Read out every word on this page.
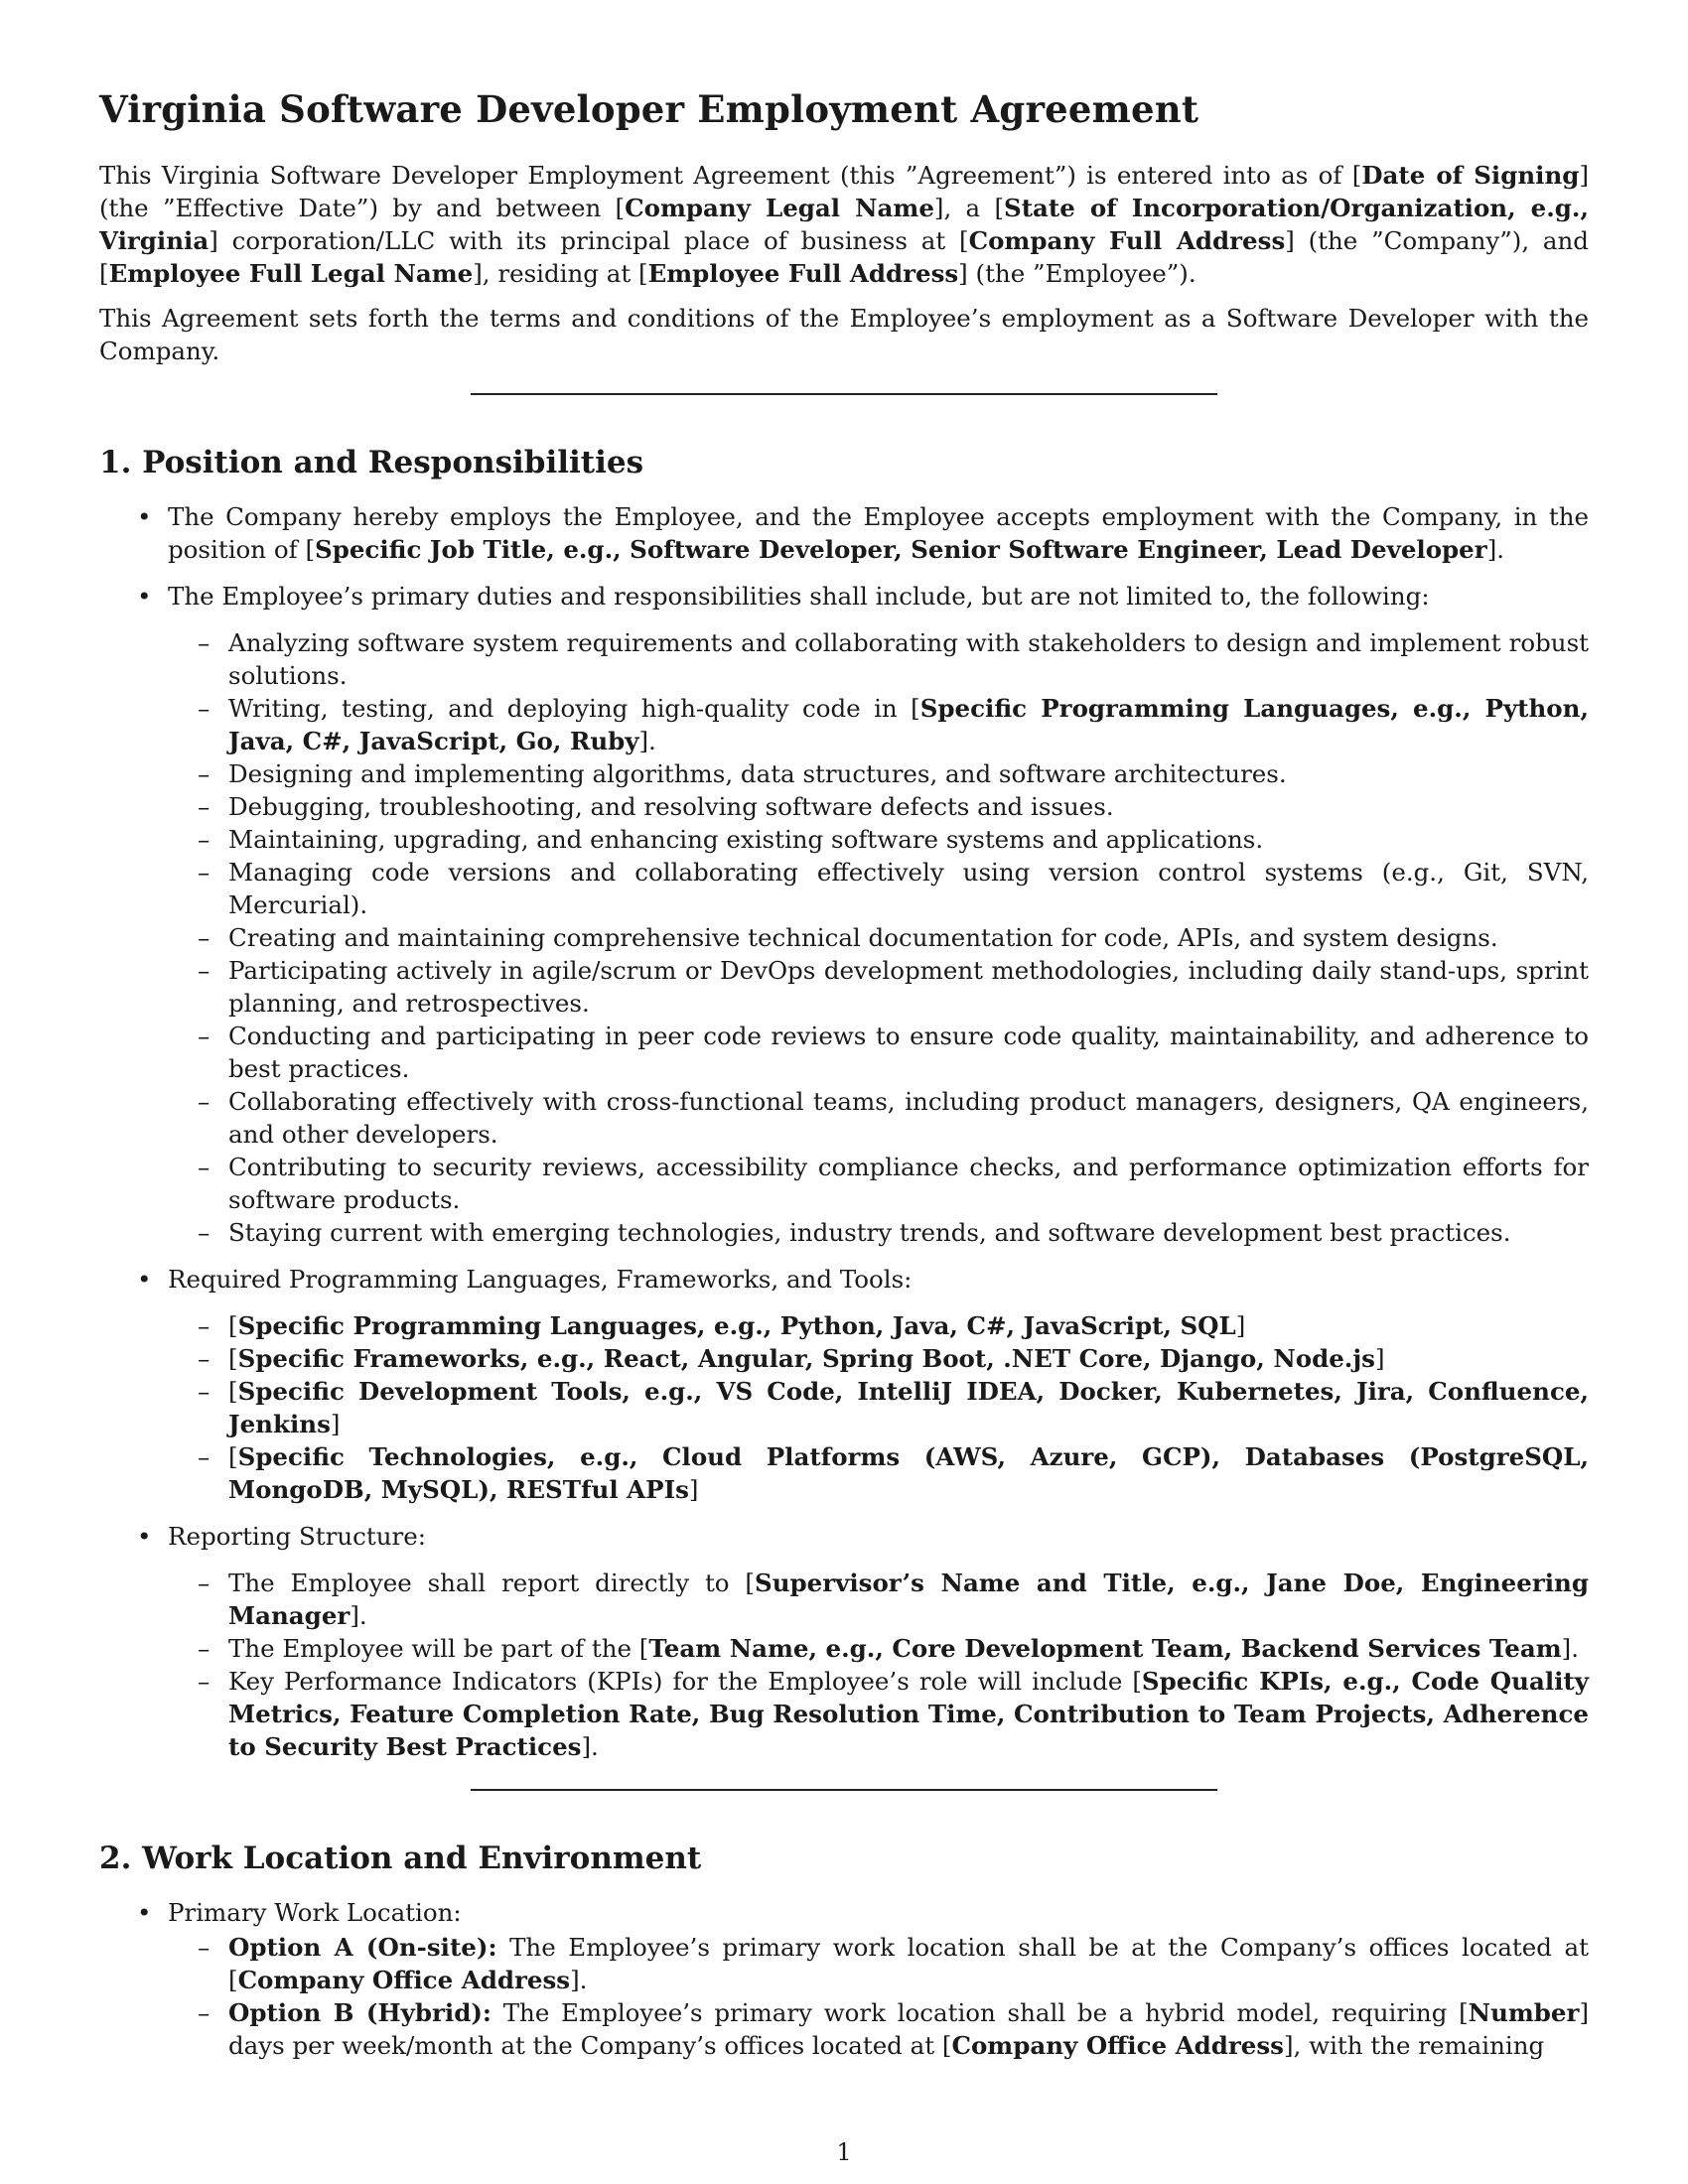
Virginia Software Developer Employment Agreement

This Virginia Software Developer Employment Agreement (this ”Agreement”) is entered into as of [Date of Signing] (the ”Effective Date”) by and between [Company Legal Name], a [State of Incorporation/Organization, e.g., Virginia] corporation/LLC with its principal place of business at [Company Full Address] (the ”Company”), and [Employee Full Legal Name], residing at [Employee Full Address] (the ”Employee”).

This Agreement sets forth the terms and conditions of the Employee’s employment as a Software Developer with the Company.

1. Position and Responsibilities
• The Company hereby employs the Employee, and the Employee accepts employment with the Company, in the position of [Specific Job Title, e.g., Software Developer, Senior Software Engineer, Lead Developer].
• The Employee’s primary duties and responsibilities shall include, but are not limited to, the following:
– Analyzing software system requirements and collaborating with stakeholders to design and implement robust solutions.
– Writing, testing, and deploying high-quality code in [Specific Programming Languages, e.g., Python, Java, C#, JavaScript, Go, Ruby].
– Designing and implementing algorithms, data structures, and software architectures.
– Debugging, troubleshooting, and resolving software defects and issues.
– Maintaining, upgrading, and enhancing existing software systems and applications.
– Managing code versions and collaborating effectively using version control systems (e.g., Git, SVN, Mercurial).
– Creating and maintaining comprehensive technical documentation for code, APIs, and system designs.
– Participating actively in agile/scrum or DevOps development methodologies, including daily stand-ups, sprint planning, and retrospectives.
– Conducting and participating in peer code reviews to ensure code quality, maintainability, and adherence to best practices.
– Collaborating effectively with cross-functional teams, including product managers, designers, QA engineers, and other developers.
– Contributing to security reviews, accessibility compliance checks, and performance optimization efforts for software products.
– Staying current with emerging technologies, industry trends, and software development best practices.
• Required Programming Languages, Frameworks, and Tools:
– [Specific Programming Languages, e.g., Python, Java, C#, JavaScript, SQL]
– [Specific Frameworks, e.g., React, Angular, Spring Boot, .NET Core, Django, Node.js]
– [Specific Development Tools, e.g., VS Code, IntelliJ IDEA, Docker, Kubernetes, Jira, Confluence, Jenkins]
– [Specific Technologies, e.g., Cloud Platforms (AWS, Azure, GCP), Databases (PostgreSQL, MongoDB, MySQL), RESTful APIs]
• Reporting Structure:
– The Employee shall report directly to [Supervisor’s Name and Title, e.g., Jane Doe, Engineering Manager].
– The Employee will be part of the [Team Name, e.g., Core Development Team, Backend Services Team].
– Key Performance Indicators (KPIs) for the Employee’s role will include [Specific KPIs, e.g., Code Quality Metrics, Feature Completion Rate, Bug Resolution Time, Contribution to Team Projects, Adherence to Security Best Practices].
2. Work Location and Environment
• Primary Work Location:
– Option A (On-site): The Employee’s primary work location shall be at the Company’s offices located at [Company Office Address].
– Option B (Hybrid): The Employee’s primary work location shall be a hybrid model, requiring [Number] days per week/month at the Company’s offices located at [Company Office Address], with the remaining
1
